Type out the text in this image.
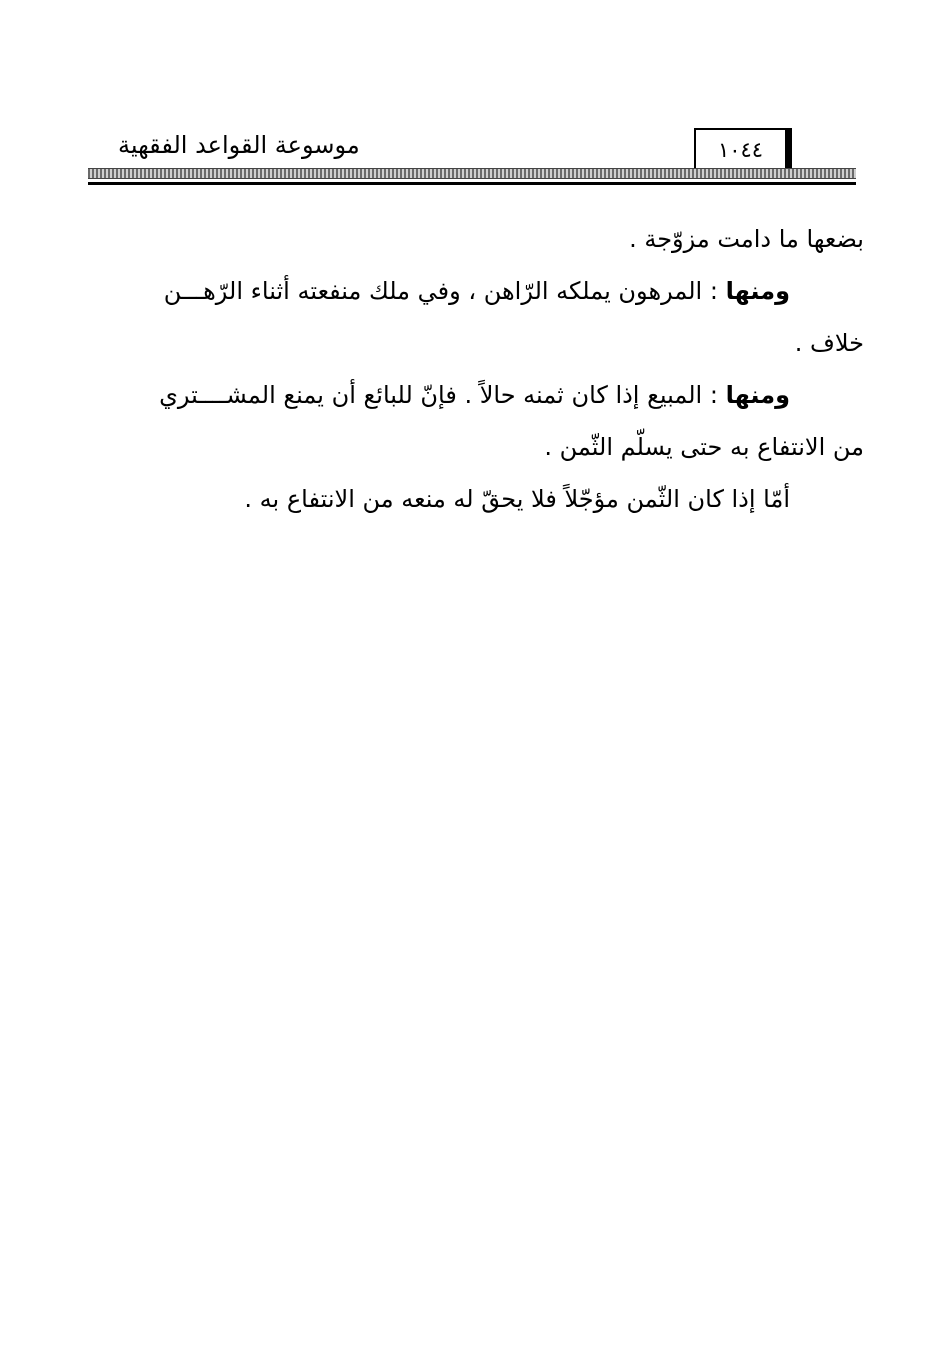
موسوعة القواعد الفقهية	١٠٤٤
بضعها ما دامت مزوّجة .
ومنها : المرهون يملكه الرّاهن ، وفي ملك منفعته أثناء الرّهـــن
خلاف .
ومنها : المبيع إذا كان ثمنه حالاً . فإنّ للبائع أن يمنع المشــــتري
من الانتفاع به حتى يسلّم الثّمن .
أمّا إذا كان الثّمن مؤجّلاً فلا يحقّ له منعه من الانتفاع به .
